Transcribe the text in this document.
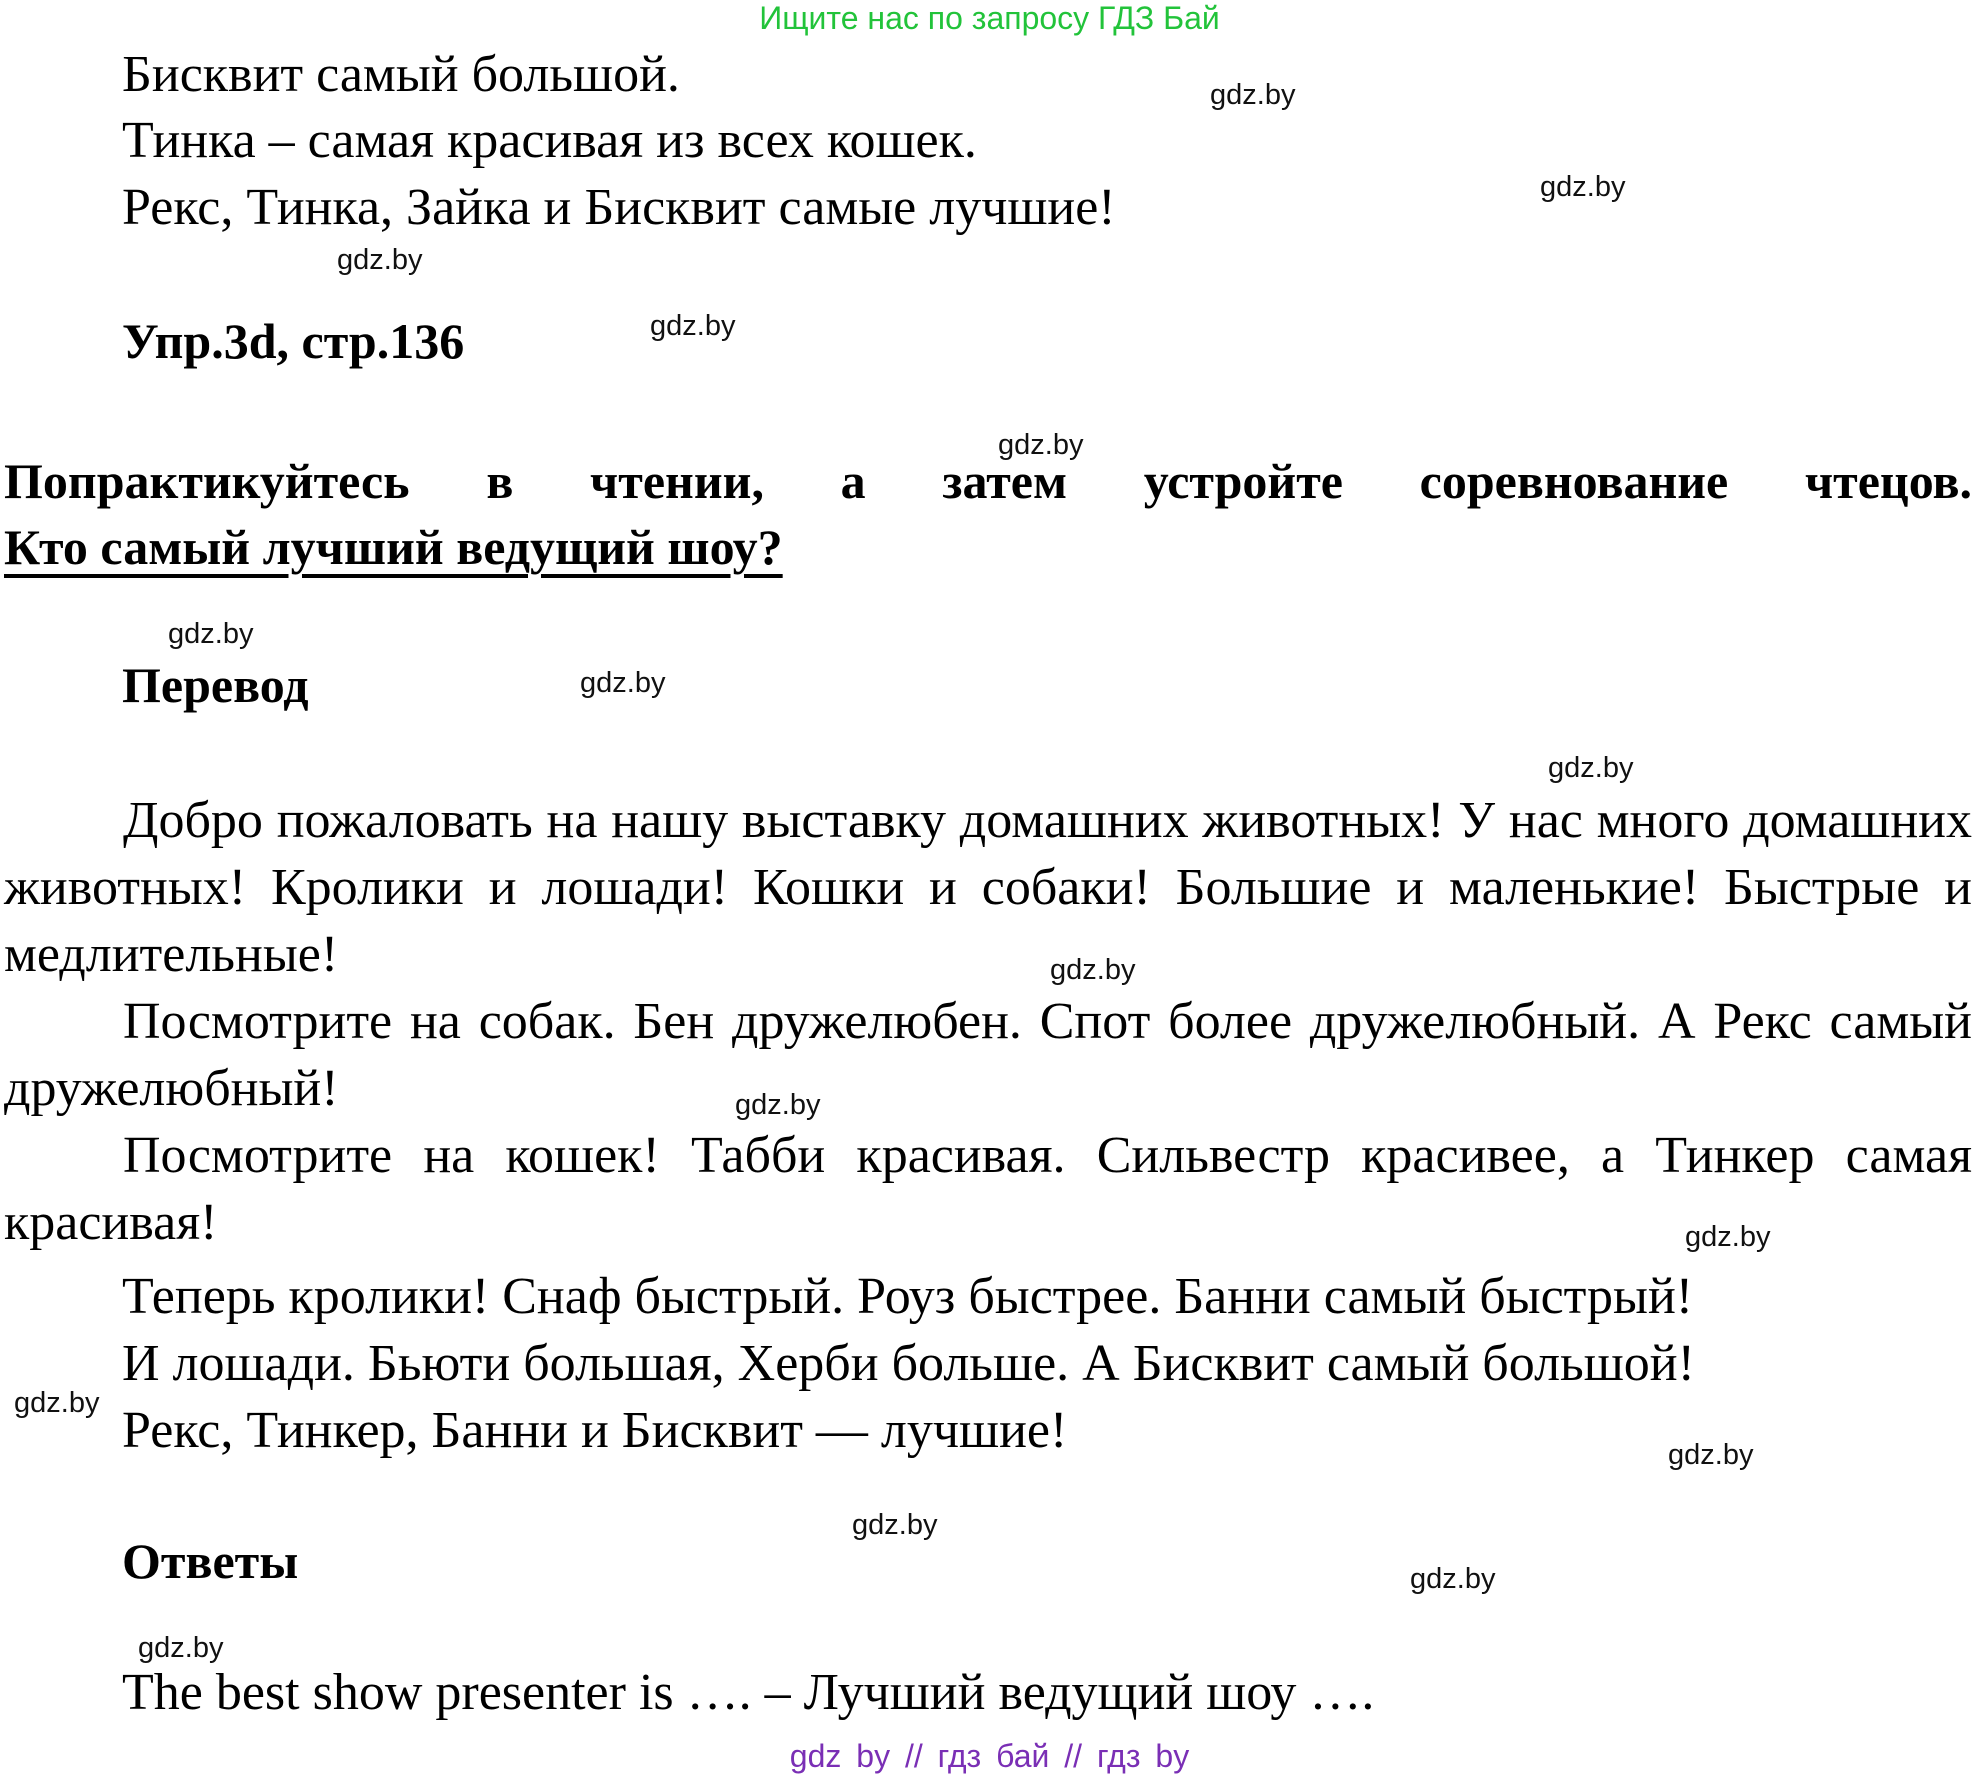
Ищите нас по запросу ГДЗ Бай
Бисквит самый большой.
Тинка – самая красивая из всех кошек.
Рекс, Тинка, Зайка и Бисквит самые лучшие!
Упр.3d, стр.136
Попрактикуйтесь в чтении, а затем устройте соревнование чтецов.
Кто самый лучший ведущий шоу?
Перевод

Добро пожаловать на нашу выставку домашних животных! У нас много домашних животных! Кролики и лошади! Кошки и собаки! Большие и маленькие! Быстрые и медлительные!

Посмотрите на собак. Бен дружелюбен. Спот более дружелюбный. А Рекс самый дружелюбный!

Посмотрите на кошек! Табби красивая. Сильвестр красивее, а Тинкер самая красивая!

Теперь кролики! Снаф быстрый. Роуз быстрее. Банни самый быстрый!
И лошади. Бьюти большая, Херби больше. А Бисквит самый большой!
Рекс, Тинкер, Банни и Бисквит — лучшие!
Ответы
The best show presenter is …. – Лучший ведущий шоу ….
gdz.by
gdz.by
gdz.by
gdz.by
gdz.by
gdz.by
gdz.by
gdz.by
gdz.by
gdz.by
gdz.by
gdz.by
gdz.by
gdz.by
gdz.by
gdz.by
gdz by // гдз бай // гдз by
